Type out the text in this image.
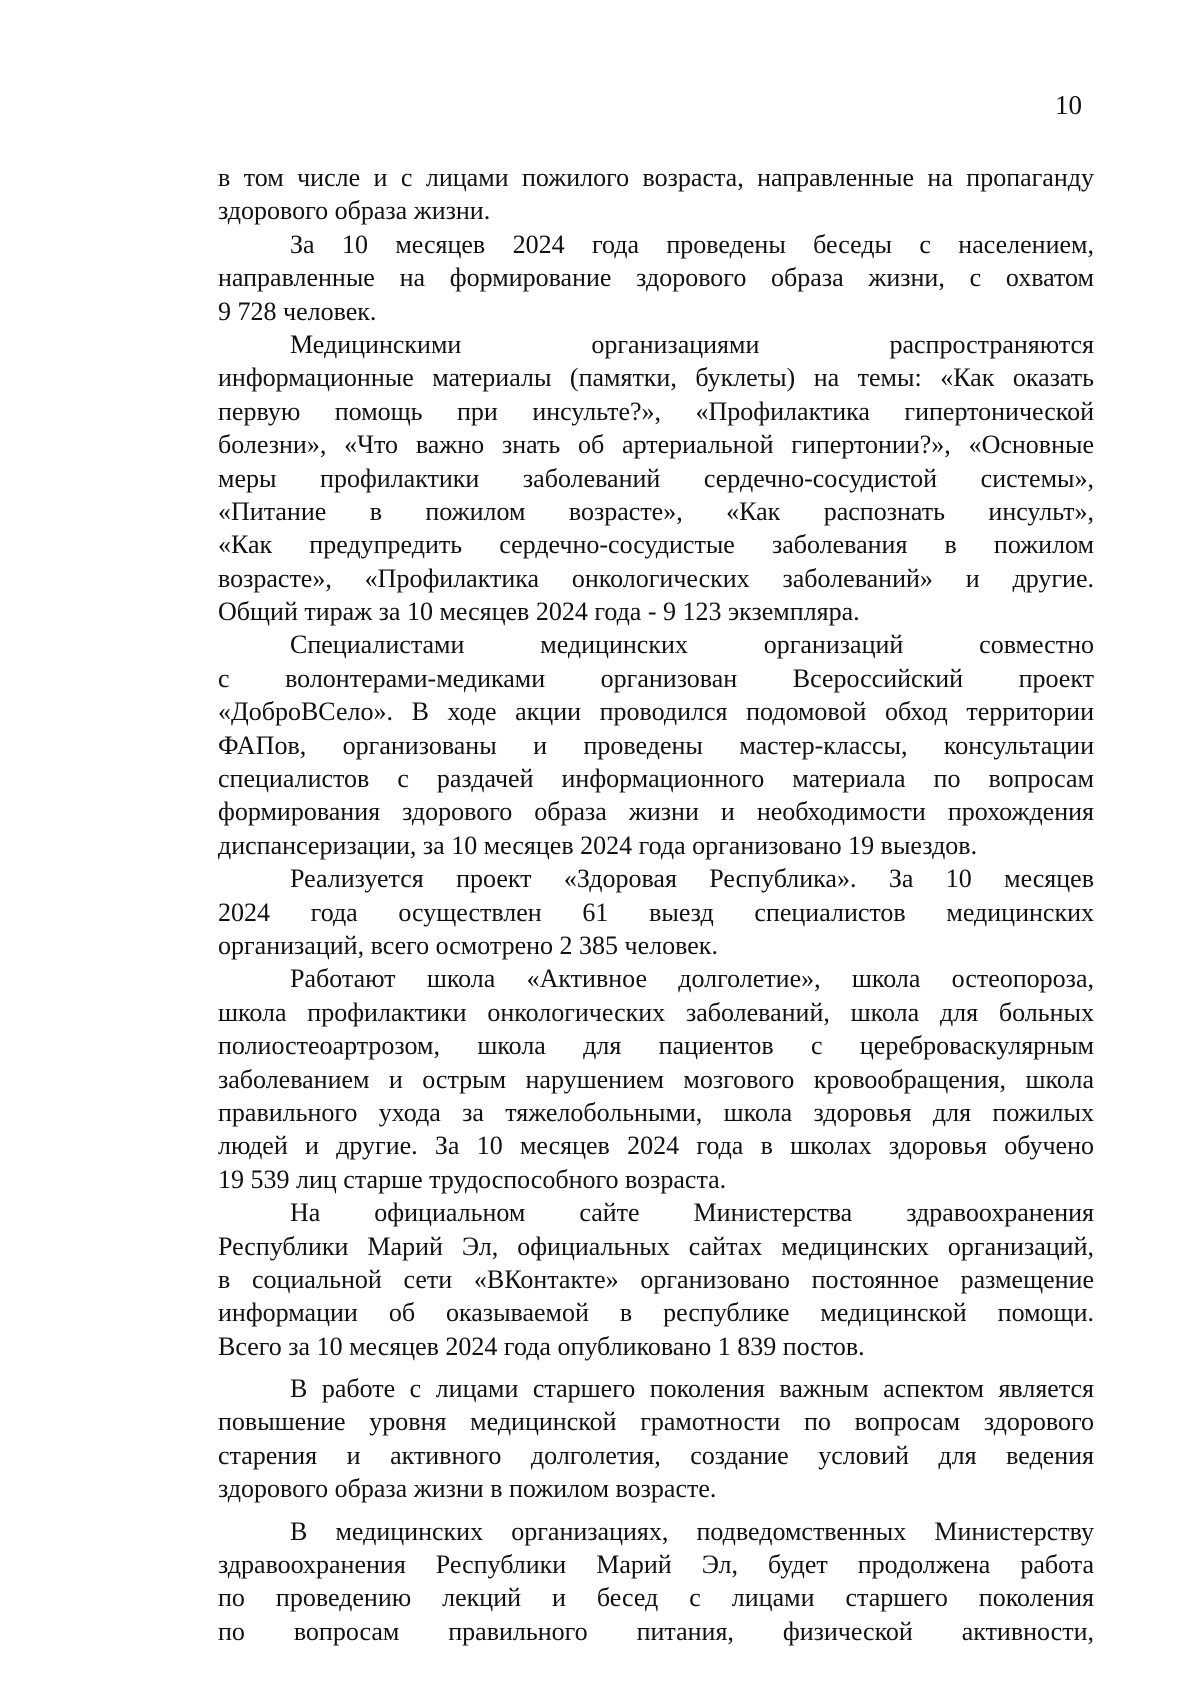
10
в том числе и с лицами пожилого возраста, направленные на пропаганду
здорового образа жизни.
За 10 месяцев 2024 года проведены беседы с населением,
направленные на формирование здорового образа жизни, с охватом
9 728 человек.
Медицинскими организациями распространяются
информационные материалы (памятки, буклеты) на темы: «Как оказать
первую помощь при инсульте?», «Профилактика гипертонической
болезни», «Что важно знать об артериальной гипертонии?», «Основные
меры профилактики заболеваний сердечно-сосудистой системы»,
«Питание в пожилом возрасте», «Как распознать инсульт»,
«Как предупредить сердечно-сосудистые заболевания в пожилом
возрасте», «Профилактика онкологических заболеваний» и другие.
Общий тираж за 10 месяцев 2024 года - 9 123 экземпляра.
Специалистами медицинских организаций совместно
с волонтерами-медиками организован Всероссийский проект
«ДоброВСело». В ходе акции проводился подомовой обход территории
ФАПов, организованы и проведены мастер-классы, консультации
специалистов с раздачей информационного материала по вопросам
формирования здорового образа жизни и необходимости прохождения
диспансеризации, за 10 месяцев 2024 года организовано 19 выездов.
Реализуется проект «Здоровая Республика». За 10 месяцев
2024 года осуществлен 61 выезд специалистов медицинских
организаций, всего осмотрено 2 385 человек.
Работают школа «Активное долголетие», школа остеопороза,
школа профилактики онкологических заболеваний, школа для больных
полиостеоартрозом, школа для пациентов с цереброваскулярным
заболеванием и острым нарушением мозгового кровообращения, школа
правильного ухода за тяжелобольными, школа здоровья для пожилых
людей и другие. За 10 месяцев 2024 года в школах здоровья обучено
19 539 лиц старше трудоспособного возраста.
На официальном сайте Министерства здравоохранения
Республики Марий Эл, официальных сайтах медицинских организаций,
в социальной сети «ВКонтакте» организовано постоянное размещение
информации об оказываемой в республике медицинской помощи.
Всего за 10 месяцев 2024 года опубликовано 1 839 постов.
В работе с лицами старшего поколения важным аспектом является
повышение уровня медицинской грамотности по вопросам здорового
старения и активного долголетия, создание условий для ведения
здорового образа жизни в пожилом возрасте.
В медицинских организациях, подведомственных Министерству
здравоохранения Республики Марий Эл, будет продолжена работа
по проведению лекций и бесед с лицами старшего поколения
по вопросам правильного питания, физической активности,
